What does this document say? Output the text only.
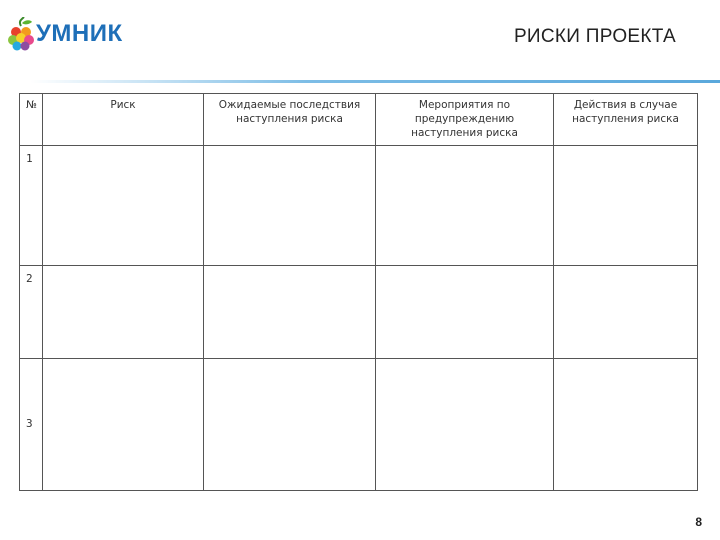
УМНИК	РИСКИ ПРОЕКТА
№	Риск	Ожидаемые последствия наступления риска	Мероприятия по предупреждению наступления риска	Действия в случае наступления риска
1				
2				
3				
8
